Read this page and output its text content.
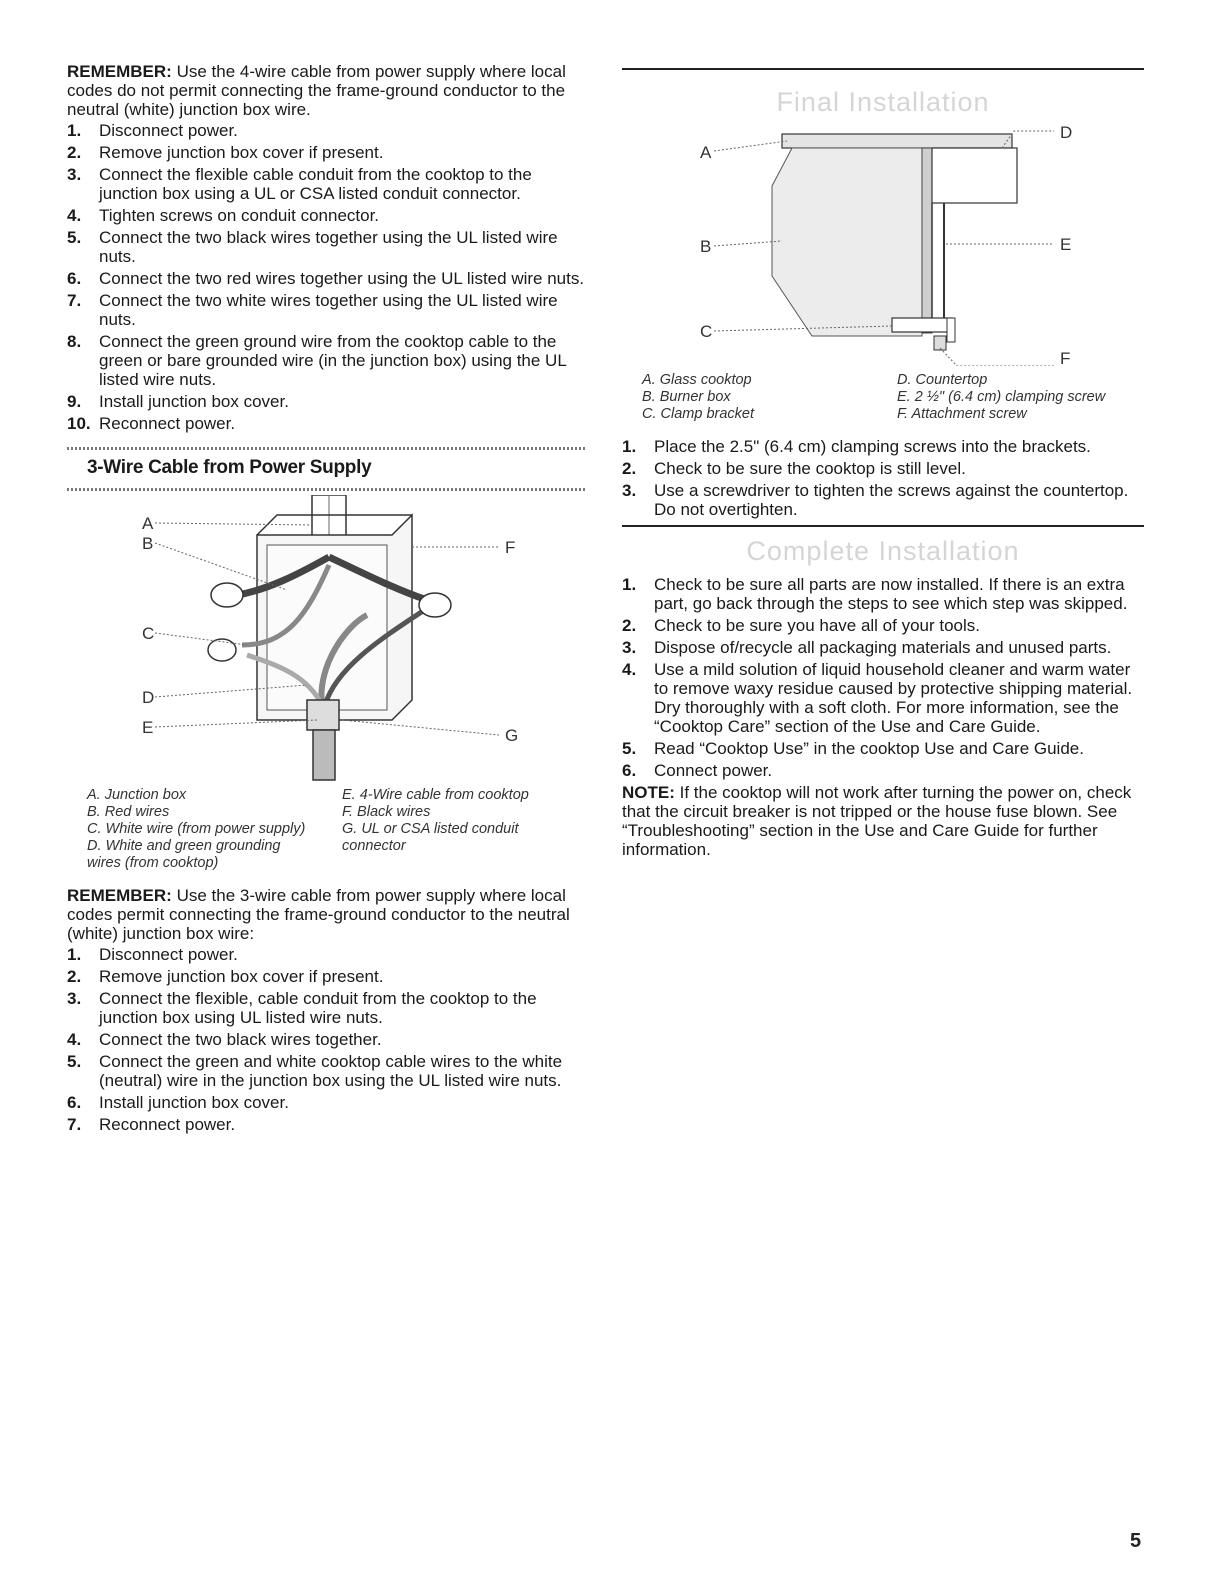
REMEMBER: Use the 4-wire cable from power supply where local codes do not permit connecting the frame-ground conductor to the neutral (white) junction box wire.

1. Disconnect power.
2. Remove junction box cover if present.
3. Connect the flexible cable conduit from the cooktop to the junction box using a UL or CSA listed conduit connector.
4. Tighten screws on conduit connector.
5. Connect the two black wires together using the UL listed wire nuts.
6. Connect the two red wires together using the UL listed wire nuts.
7. Connect the two white wires together using the UL listed wire nuts.
8. Connect the green ground wire from the cooktop cable to the green or bare grounded wire (in the junction box) using the UL listed wire nuts.
9. Install junction box cover.
10. Reconnect power.
3-Wire Cable from Power Supply
A
B
C
D
E
F
G
A. Junction box
B. Red wires
C. White wire (from power supply)
D. White and green grounding wires (from cooktop)
E. 4-Wire cable from cooktop
F. Black wires
G. UL or CSA listed conduit connector

REMEMBER: Use the 3-wire cable from power supply where local codes permit connecting the frame-ground conductor to the neutral (white) junction box wire:

1. Disconnect power.
2. Remove junction box cover if present.
3. Connect the flexible, cable conduit from the cooktop to the junction box using UL listed wire nuts.
4. Connect the two black wires together.
5. Connect the green and white cooktop cable wires to the white (neutral) wire in the junction box using the UL listed wire nuts.
6. Install junction box cover.
7. Reconnect power.
Final Installation
A
B
C
D
E
F
A. Glass cooktop
B. Burner box
C. Clamp bracket
D. Countertop
E. 2 ½" (6.4 cm) clamping screw
F. Attachment screw
1. Place the 2.5" (6.4 cm) clamping screws into the brackets.
2. Check to be sure the cooktop is still level.
3. Use a screwdriver to tighten the screws against the countertop. Do not overtighten.
Complete Installation
1. Check to be sure all parts are now installed. If there is an extra part, go back through the steps to see which step was skipped.
2. Check to be sure you have all of your tools.
3. Dispose of/recycle all packaging materials and unused parts.
4. Use a mild solution of liquid household cleaner and warm water to remove waxy residue caused by protective shipping material. Dry thoroughly with a soft cloth. For more information, see the “Cooktop Care” section of the Use and Care Guide.
5. Read “Cooktop Use” in the cooktop Use and Care Guide.
6. Connect power.

NOTE: If the cooktop will not work after turning the power on, check that the circuit breaker is not tripped or the house fuse blown. See “Troubleshooting” section in the Use and Care Guide for further information.

5
